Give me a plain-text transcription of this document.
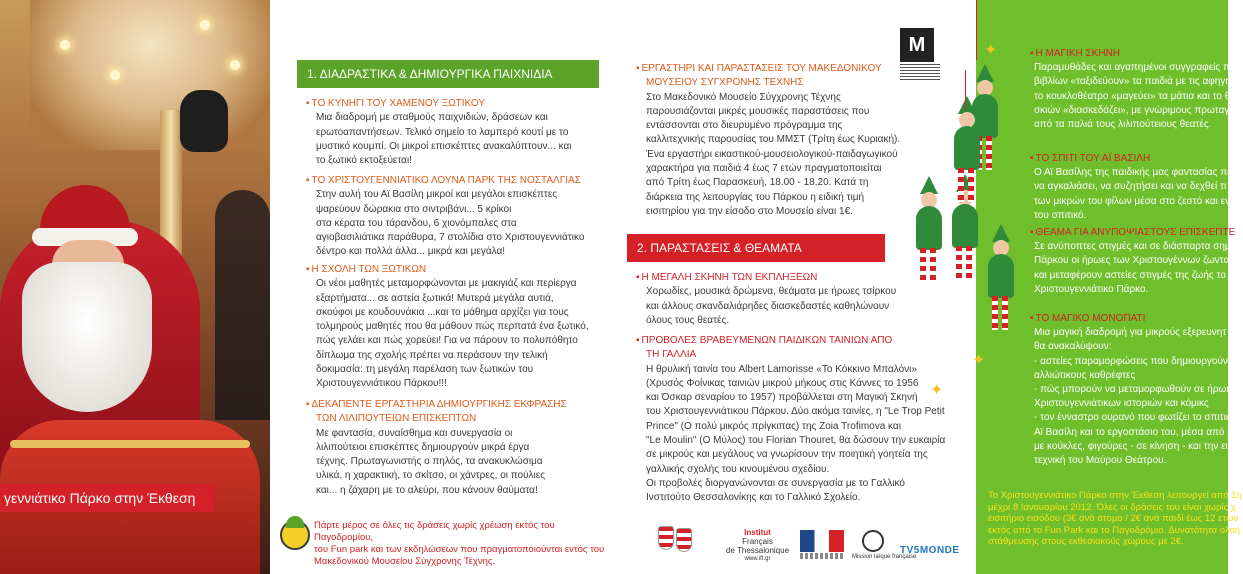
γεννιάτικο Πάρκο στην Έκθεση
1. ΔΙΑΔΡΑΣΤΙΚΑ & ΔΗΜΙΟΥΡΓΙΚΑ ΠΑΙΧΝΙΔΙΑ
▪ ΤΟ ΚΥΝΗΓΙ ΤΟΥ ΧΑΜΕΝΟΥ ΞΩΤΙΚΟΥ
Μια διαδρομή με σταθμούς παιχνιδιών, δράσεων και
ερωτοαπαντήσεων. Τελικό σημείο το λαμπερό κουτί με το
μυστικό κουμπί. Οι μικροί επισκέπτες ανακαλύπτουν... και
το ξωτικό εκτοξεύεται!
▪ ΤΟ ΧΡΙΣΤΟΥΓΕΝΝΙΑΤΙΚΟ ΛΟΥΝΑ ΠΑΡΚ ΤΗΣ ΝΟΣΤΑΛΓΙΑΣ
Στην αυλή του Αϊ Βασίλη μικροί και μεγάλοι επισκέπτες
ψαρεύουν δώρακια στο σιντριβάνι... 5 κρίκοι
στα κέρατα του τάρανδου, 6 χιονόμπαλες στα
αγιοβασιλιάτικα παράθυρα, 7 στολίδια στο Χριστουγεννιάτικο
δέντρο και πολλά άλλα... μικρά και μεγάλα!
▪ Η ΣΧΟΛΗ ΤΩΝ ΞΩΤΙΚΩΝ
Οι νέοι μαθητές μεταμορφώνονται με μακιγιάζ και περίεργα
εξαρτήματα... σε αστεία ξωτικά! Μυτερά μεγάλα αυτιά,
σκούφοι με κουδουνάκια ...και το μάθημα αρχίζει για τους
τολμηρούς μαθητές που θα μάθουν πώς περπατά ένα ξωτικό,
πώς γελάει και πώς χορεύει! Για να πάρουν το πολυπόθητο
δίπλωμα της σχολής πρέπει να περάσουν την τελική
δοκιμασία: τη μεγάλη παρέλαση των ξωτικών του
Χριστουγεννιάτικου Πάρκου!!!
▪ ΔΕΚΑΠΕΝΤΕ ΕΡΓΑΣΤΗΡΙΑ ΔΗΜΙΟΥΡΓΙΚΗΣ ΕΚΦΡΑΣΗΣ
ΤΩΝ ΛΙΛΙΠΟΥΤΕΙΩΝ ΕΠΙΣΚΕΠΤΩΝ
Με φαντασία, συναίσθημα και συνεργασία οι
λιλιπούτειοι επισκέπτες δημιουργούν μικρά έργα
τέχνης. Πρωταγωνιστής ο πηλός, τα ανακυκλώσιμα
υλικά, η χαρακτική, το σκίτσο, οι χάντρες, οι πούλιες
και... η ζάχαρη με το αλεύρι, που κάνουν θαύματα!
Πάρτε μέρος σε όλες τις δράσεις χωρίς χρέωση εκτός του Παγοδρομίου,
του Fun park και των εκδηλώσεων που πραγματοποιούνται εντός του
Μακεδονικού Μουσείου Σύγχρονης Τέχνης.
M
▪ ΕΡΓΑΣΤΗΡΙ ΚΑΙ ΠΑΡΑΣΤΑΣΕΙΣ ΤΟΥ ΜΑΚΕΔΟΝΙΚΟΥ
ΜΟΥΣΕΙΟΥ ΣΥΓΧΡΟΝΗΣ ΤΕΧΝΗΣ
Στο Μακεδονικό Μουσείο Σύγχρονης Τέχνης
παρουσιάζονται μικρές μουσικές παραστάσεις που
εντάσσονται στο διευρυμένο πρόγραμμα της
καλλιτεχνικής παρουσίας του ΜΜΣΤ (Τρίτη έως Κυριακή).
Ένα εργαστήρι εικαστικού-μουσειολογικού-παιδαγωγικού
χαρακτήρα για παιδιά 4 έως 7 ετών πραγματοποιείται
από Τρίτη έως Παρασκευή, 18.00 - 18.20. Κατά τη
διάρκεια της λειτουργίας του Πάρκου η ειδική τιμή
εισιτηρίου για την είσοδο στο Μουσείο είναι 1€.
2. ΠΑΡΑΣΤΑΣΕΙΣ & ΘΕΑΜΑΤΑ
▪ Η ΜΕΓΑΛΗ ΣΚΗΝΗ ΤΩΝ ΕΚΠΛΗΞΕΩΝ
Χορωδίες, μουσικά δρώμενα, θεάματα με ήρωες τσίρκου
και άλλους σκανδαλιάρηδες διασκεδαστές καθηλώνουν
όλους τους θεατές.
▪ ΠΡΟΒΟΛΕΣ ΒΡΑΒΕΥΜΕΝΩΝ ΠΑΙΔΙΚΩΝ ΤΑΙΝΙΩΝ ΑΠΟ
ΤΗ ΓΑΛΛΙΑ
Η θρυλική ταινία του Albert Lamorisse «Το Κόκκινο Μπαλόνι»
(Χρυσός Φοίνικας ταινιών μικρού μήκους στις Κάννες το 1956
και Όσκαρ σεναρίου το 1957) προβάλλεται στη Μαγική Σκηνή
του Χριστουγεννιάτικου Πάρκου. Δύο ακόμα ταινίες, η "Le Trop Petit
Prince" (Ο πολύ μικρός πρίγκιπας) της Zoia Trofimova και
"Le Moulin" (Ο Μύλος) του Florian Thouret, θα δώσουν την ευκαιρία
σε μικρούς και μεγάλους να γνωρίσουν την ποιητική γοητεία της
γαλλικής σχολής του κινουμένου σχεδίου.
Οι προβολές διοργανώνονται σε συνεργασία με το Γαλλικό
Ινστιτούτο Θεσσαλονίκης και το Γαλλικό Σχολείο.
Institut
Français
de Thessalonique
www.ift.gr	Mission laïque française
TV5MONDE
✦
✦
✦
▪ Η ΜΑΓΙΚΗ ΣΚΗΝΗ
Παραμυθάδες και αγαπημένοι συγγραφείς π
βιβλίων «ταξιδεύουν» τα παιδιά με τις αφηγή
το κουκλοθέατρο «μαγεύει» τα μάτια και το θ
σκιών «διασκεδάζει», με γνώριμους πρωταγω
από τα παλιά τους λιλιπούτειους θεατές.
▪ ΤΟ ΣΠΙΤΙ ΤΟΥ ΑΪ ΒΑΣΙΛΗ
Ο Αϊ Βασίλης της παιδικής μας φαντασίας πε
να αγκαλιάσει, να συζητήσει και να δεχθεί τι
των μικρών του φίλων μέσα στο ζεστό και εν
του σπιτικό.
▪ ΘΕΑΜΑ ΓΙΑ ΑΝΥΠΟΨΙΑΣΤΟΥΣ ΕΠΙΣΚΕΠΤΕ
Σε ανύποπτες στιγμές και σε διάσπαρτα σημ
Πάρκου οι ήρωες των Χριστουγέννων ζωντα
και μεταφέρουν αστείες στιγμές της ζωής το
Χριστουγεννιάτικο Πάρκο.
▪ ΤΟ ΜΑΓΙΚΟ ΜΟΝΟΠΑΤΙ
Μια μαγική διαδρομή για μικρούς εξερευνητ
θα ανακαλύψουν:
- αστείες παραμορφώσεις που δημιουργούντα
αλλιώτικους καθρέφτες
- πώς μπορούν να μεταμορφωθούν σε ήρωες
Χριστουγεννιάτικων ιστοριών και κόμικς
- τον ένναστρο ουρανό που φωτίζει το σπιτικό τ
Αϊ Βασίλη και το εργοστάσιο του, μέσα από μ
με κούκλες, φιγούρες - σε κίνηση - και την ει
τεχνική του Μαύρου Θεάτρου.
Το Χριστουγεννιάτικο Πάρκο στην Έκθεση λειτουργεί από 1η
μέχρι 8 Ιανουαρίου 2012. Όλες οι δράσεις του είναι χωρίς χ
εισιτήριο εισόδου (3€ ανά άτομο / 2€ ανά παιδί έως 12 ετών
εκτός από το Fun Park και το Παγοδρόμιο. Δυνατότητα ολοή
στάθμευσης στους εκθεσιακούς χώρους με 2€.
